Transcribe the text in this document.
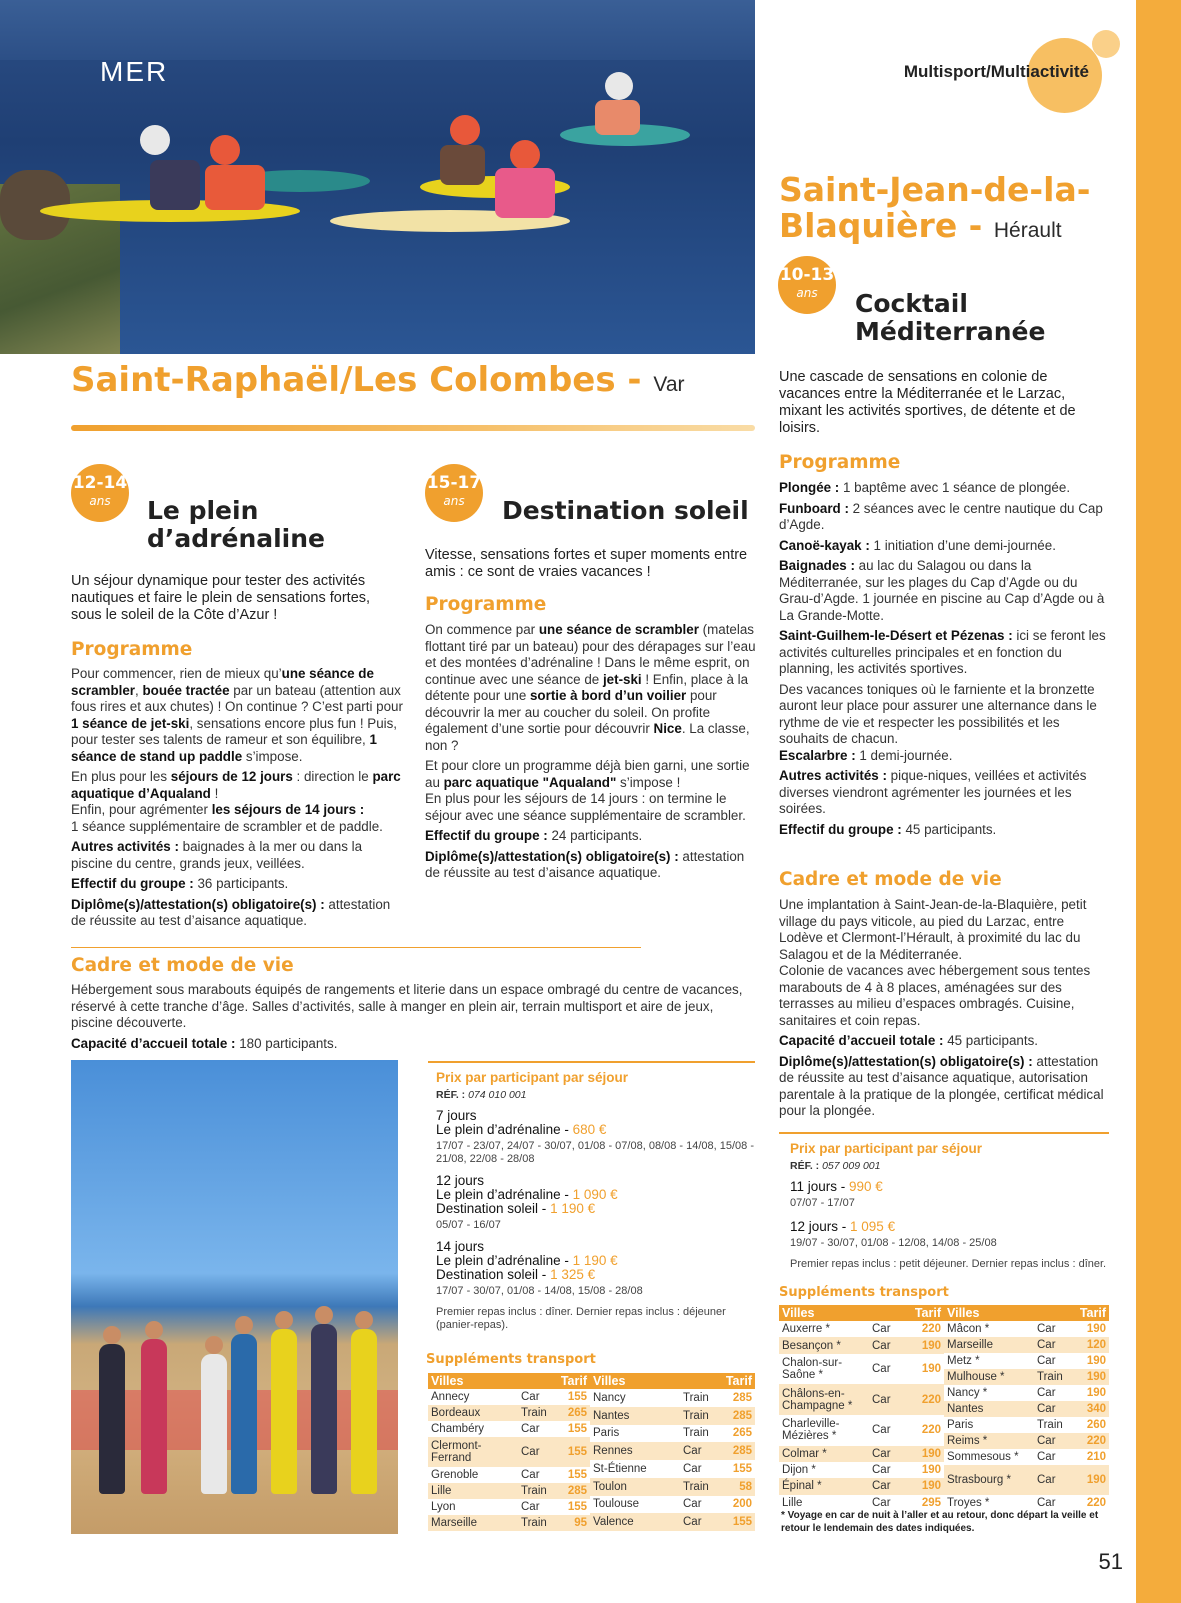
MER	Multisport/Multiactivité
Saint-Raphaël/Les Colombes - Var
12-14
ans	Le plein
d’adrénaline
Un séjour dynamique pour tester des activités nautiques et faire le plein de sensations fortes, sous le soleil de la Côte d’Azur !
Programme

Pour commencer, rien de mieux qu’une séance de scrambler, bouée tractée par un bateau (attention aux fous rires et aux chutes) ! On continue ? C’est parti pour 1 séance de jet-ski, sensations encore plus fun ! Puis, pour tester ses talents de rameur et son équilibre, 1 séance de stand up paddle s’impose.

En plus pour les séjours de 12 jours : direction le parc aquatique d’Aqualand !

Enfin, pour agrémenter les séjours de 14 jours :
1 séance supplémentaire de scrambler et de paddle.

Autres activités : baignades à la mer ou dans la piscine du centre, grands jeux, veillées.

Effectif du groupe : 36 participants.

Diplôme(s)/attestation(s) obligatoire(s) : attestation de réussite au test d’aisance aquatique.

15-17
ans	Destination soleil
Vitesse, sensations fortes et super moments entre amis : ce sont de vraies vacances !
Programme

On commence par une séance de scrambler (matelas flottant tiré par un bateau) pour des dérapages sur l’eau et des montées d’adrénaline ! Dans le même esprit, on continue avec une séance de jet-ski ! Enfin, place à la détente pour une sortie à bord d’un voilier pour découvrir la mer au coucher du soleil. On profite également d’une sortie pour découvrir Nice. La classe, non ?

Et pour clore un programme déjà bien garni, une sortie au parc aquatique "Aqualand" s’impose !
En plus pour les séjours de 14 jours : on termine le séjour avec une séance supplémentaire de scrambler.

Effectif du groupe : 24 participants.

Diplôme(s)/attestation(s) obligatoire(s) : attestation de réussite au test d’aisance aquatique.

Cadre et mode de vie

Hébergement sous marabouts équipés de rangements et literie dans un espace ombragé du centre de vacances, réservé à cette tranche d’âge. Salles d’activités, salle à manger en plein air, terrain multisport et aire de jeux, piscine découverte.

Capacité d’accueil totale : 180 participants.

Prix par participant par séjour
RÉF. : 074 010 001
7 jours
Le plein d’adrénaline - 680 €
17/07 - 23/07, 24/07 - 30/07, 01/08 - 07/08, 08/08 - 14/08, 15/08 - 21/08, 22/08 - 28/08
12 jours
Le plein d’adrénaline - 1 090 €
Destination soleil - 1 190 €
05/07 - 16/07
14 jours
Le plein d’adrénaline - 1 190 €
Destination soleil - 1 325 €
17/07 - 30/07, 01/08 - 14/08, 15/08 - 28/08
Premier repas inclus : dîner. Dernier repas inclus : déjeuner (panier-repas).
Suppléments transport
Villes		Tarif
Annecy	Car	155
Bordeaux	Train	265
Chambéry	Car	155
Clermont-Ferrand	Car	155
Grenoble	Car	155
Lille	Train	285
Lyon	Car	155
Marseille	Train	95
Villes		Tarif
Nancy	Train	285
Nantes	Train	285
Paris	Train	265
Rennes	Car	285
St-Étienne	Car	155
Toulon	Train	58
Toulouse	Car	200
Valence	Car	155
Saint-Jean-de-la-
Blaquière - Hérault
10-13
ans	Cocktail
Méditerranée
Une cascade de sensations en colonie de vacances entre la Méditerranée et le Larzac, mixant les activités sportives, de détente et de loisirs.
Programme

Plongée : 1 baptême avec 1 séance de plongée.

Funboard : 2 séances avec le centre nautique du Cap d’Agde.

Canoë-kayak : 1 initiation d’une demi-journée.

Baignades : au lac du Salagou ou dans la Méditerranée, sur les plages du Cap d’Agde ou du Grau-d’Agde. 1 journée en piscine au Cap d’Agde ou à La Grande-Motte.

Saint-Guilhem-le-Désert et Pézenas : ici se feront les activités culturelles principales et en fonction du planning, les activités sportives.

Des vacances toniques où le farniente et la bronzette auront leur place pour assurer une alternance dans le rythme de vie et respecter les possibilités et les souhaits de chacun.

Escalarbre : 1 demi-journée.

Autres activités : pique-niques, veillées et activités diverses viendront agrémenter les journées et les soirées.

Effectif du groupe : 45 participants.

Cadre et mode de vie

Une implantation à Saint-Jean-de-la-Blaquière, petit village du pays viticole, au pied du Larzac, entre Lodève et Clermont-l’Hérault, à proximité du lac du Salagou et de la Méditerranée.

Colonie de vacances avec hébergement sous tentes marabouts de 4 à 8 places, aménagées sur des terrasses au milieu d’espaces ombragés. Cuisine, sanitaires et coin repas.

Capacité d’accueil totale : 45 participants.

Diplôme(s)/attestation(s) obligatoire(s) : attestation de réussite au test d’aisance aquatique, autorisation parentale à la pratique de la plongée, certificat médical pour la plongée.

Prix par participant par séjour
RÉF. : 057 009 001
11 jours - 990 €
07/07 - 17/07
12 jours - 1 095 €
19/07 - 30/07, 01/08 - 12/08, 14/08 - 25/08
Premier repas inclus : petit déjeuner. Dernier repas inclus : dîner.
Suppléments transport
Villes		Tarif
Auxerre *	Car	220
Besançon *	Car	190
Chalon-sur-Saône *	Car	190
Châlons-en-Champagne *	Car	220
Charleville-Mézières *	Car	220
Colmar *	Car	190
Dijon *	Car	190
Épinal *	Car	190
Lille	Car	295
Villes		Tarif
Mâcon *	Car	190
Marseille	Car	120
Metz *	Car	190
Mulhouse *	Train	190
Nancy *	Car	190
Nantes	Car	340
Paris	Train	260
Reims *	Car	220
Sommesous *	Car	210
Strasbourg *	Car	190
Troyes *	Car	220
* Voyage en car de nuit à l’aller et au retour, donc départ la veille et retour le lendemain des dates indiquées.
51
